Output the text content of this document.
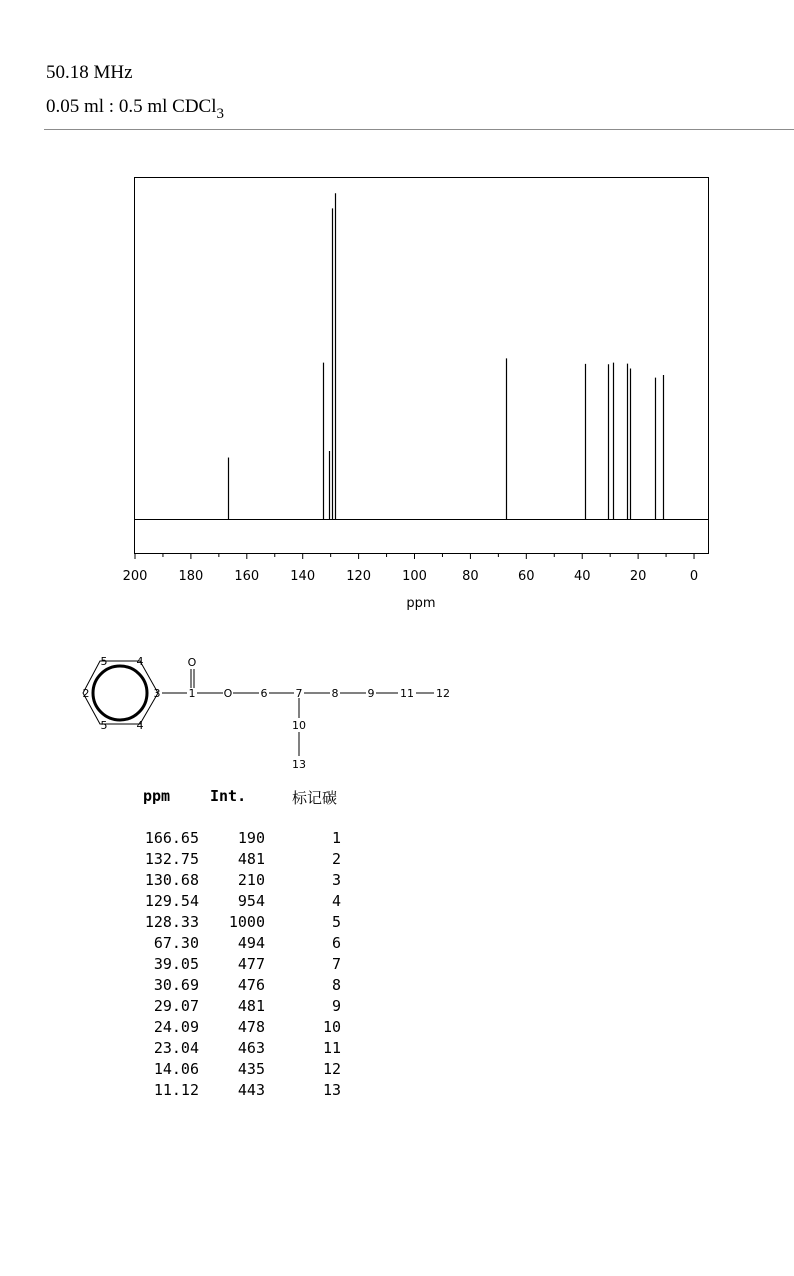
50.18 MHz
0.05 ml : 0.5 ml CDCl$_3$
200 180 160 140 120 100	80	60	40	20	0
ppm
5	4
2	3
5	4
O
1	O	6	7	8	9 11 12
10
13
ppm	Int.	标记碳
166.65	190	1
132.75	481	2
130.68	210	3
129.54	954	4
128.33	1000	5
67.30	494	6
39.05	477	7
30.69	476	8
29.07	481	9
24.09	478	10
23.04	463	11
14.06	435	12
11.12	443	13
